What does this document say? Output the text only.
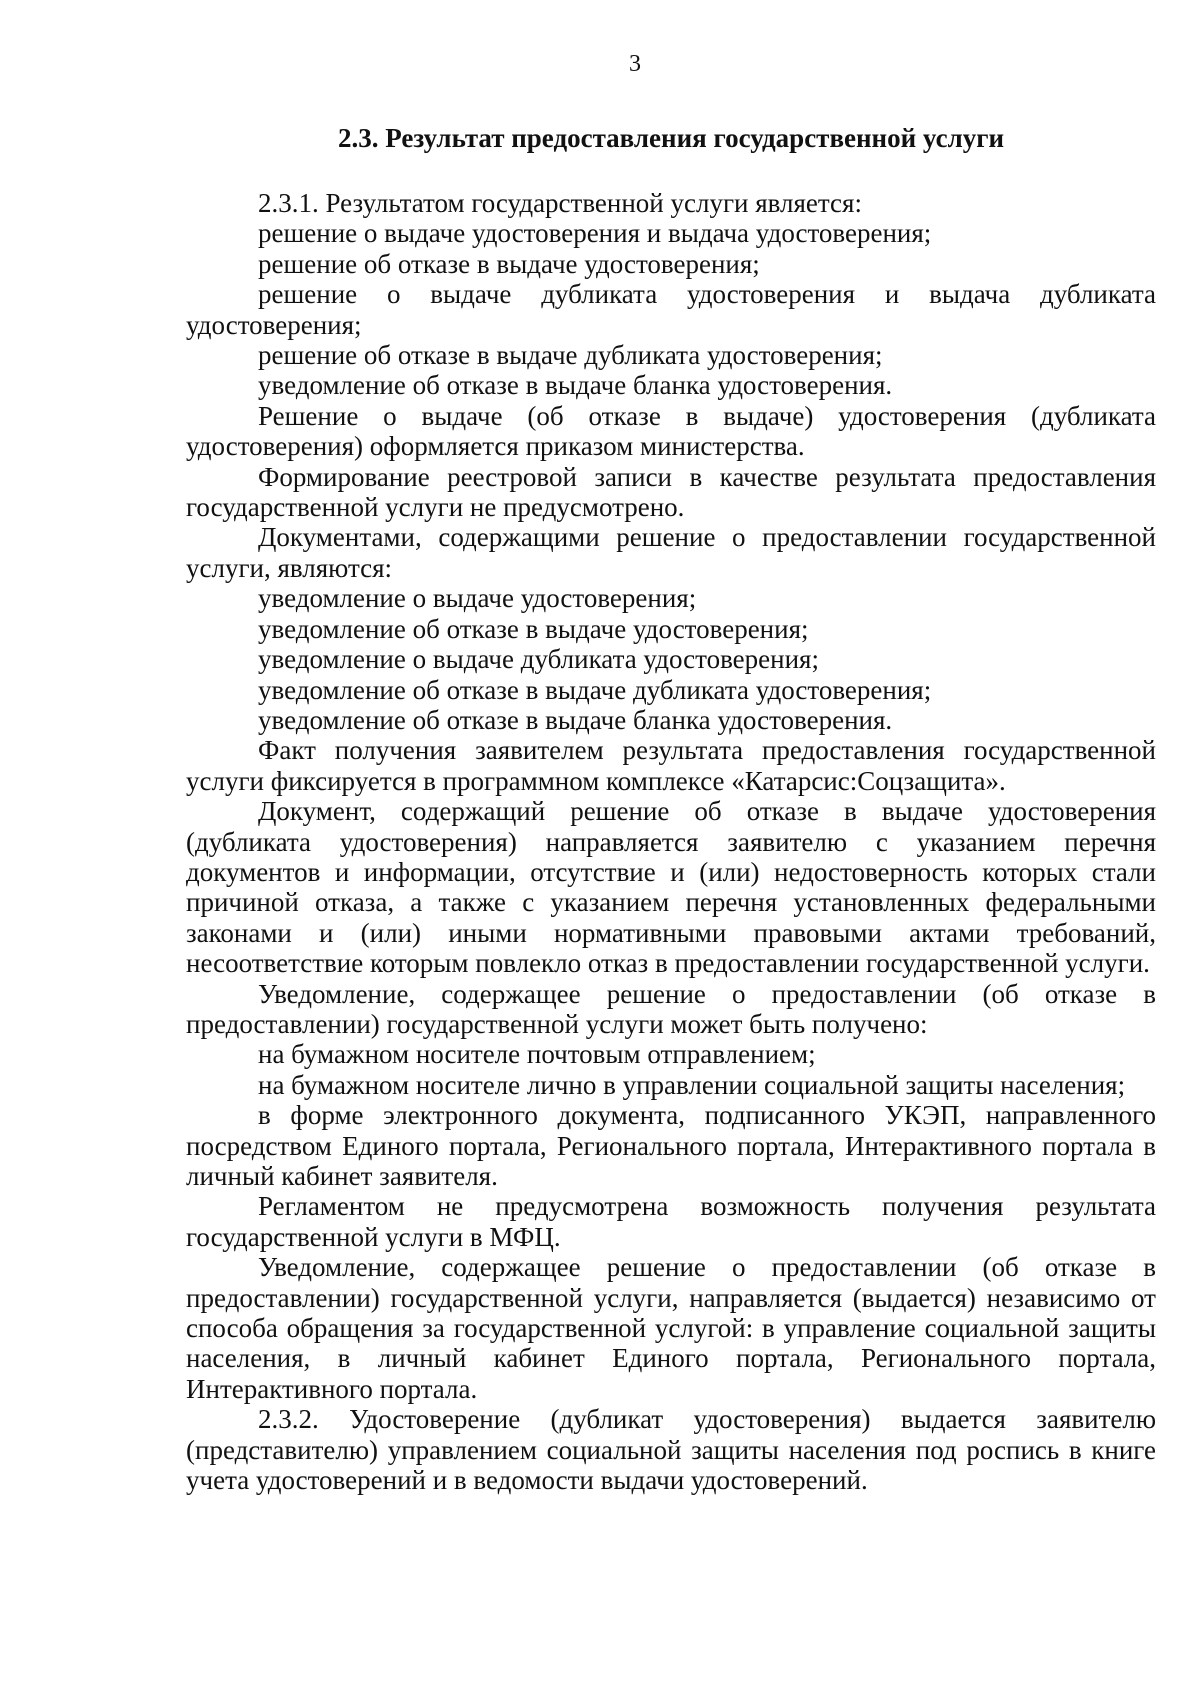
3
2.3. Результат предоставления государственной услуги

2.3.1. Результатом государственной услуги является:

решение о выдаче удостоверения и выдача удостоверения;

решение об отказе в выдаче удостоверения;

решение о выдаче дубликата удостоверения и выдача дубликата удостоверения;

решение об отказе в выдаче дубликата удостоверения;

уведомление об отказе в выдаче бланка удостоверения.

Решение о выдаче (об отказе в выдаче) удостоверения (дубликата удостоверения) оформляется приказом министерства.

Формирование реестровой записи в качестве результата предоставления государственной услуги не предусмотрено.

Документами, содержащими решение о предоставлении государственной услуги, являются:

уведомление о выдаче удостоверения;

уведомление об отказе в выдаче удостоверения;

уведомление о выдаче дубликата удостоверения;

уведомление об отказе в выдаче дубликата удостоверения;

уведомление об отказе в выдаче бланка удостоверения.

Факт получения заявителем результата предоставления государственной услуги фиксируется в программном комплексе «Катарсис:Соцзащита».

Документ, содержащий решение об отказе в выдаче удостоверения (дубликата удостоверения) направляется заявителю с указанием перечня документов и информации, отсутствие и (или) недостоверность которых стали причиной отказа, а также с указанием перечня установленных федеральными законами и (или) иными нормативными правовыми актами требований, несоответствие которым повлекло отказ в предоставлении государственной услуги.

Уведомление, содержащее решение о предоставлении (об отказе в предоставлении) государственной услуги может быть получено:

на бумажном носителе почтовым отправлением;

на бумажном носителе лично в управлении социальной защиты населения;

в форме электронного документа, подписанного УКЭП, направленного посредством Единого портала, Регионального портала, Интерактивного портала в личный кабинет заявителя.

Регламентом не предусмотрена возможность получения результата государственной услуги в МФЦ.

Уведомление, содержащее решение о предоставлении (об отказе в предоставлении) государственной услуги, направляется (выдается) независимо от способа обращения за государственной услугой: в управление социальной защиты населения, в личный кабинет Единого портала, Регионального портала, Интерактивного портала.

2.3.2. Удостоверение (дубликат удостоверения) выдается заявителю (представителю) управлением социальной защиты населения под роспись в книге учета удостоверений и в ведомости выдачи удостоверений.
